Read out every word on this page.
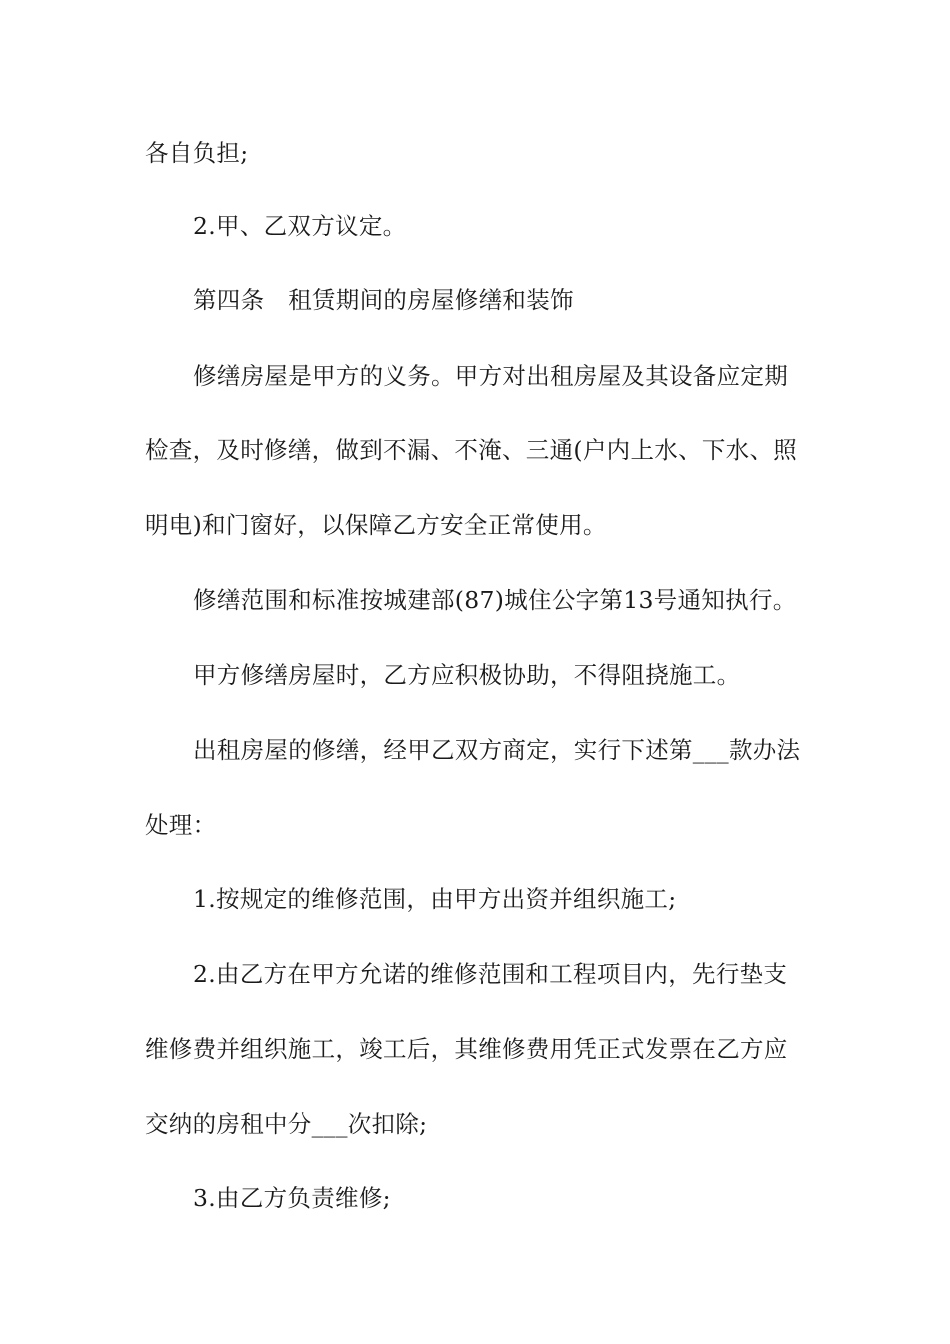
各自负担;
2.甲、乙双方议定。
第四条　租赁期间的房屋修缮和装饰
修缮房屋是甲方的义务。甲方对出租房屋及其设备应定期
检查，及时修缮，做到不漏、不淹、三通(户内上水、下水、照
明电)和门窗好，以保障乙方安全正常使用。
修缮范围和标准按城建部(87)城住公字第13号通知执行。
甲方修缮房屋时，乙方应积极协助，不得阻挠施工。
出租房屋的修缮，经甲乙双方商定，实行下述第___款办法
处理：
1.按规定的维修范围，由甲方出资并组织施工;
2.由乙方在甲方允诺的维修范围和工程项目内，先行垫支
维修费并组织施工，竣工后，其维修费用凭正式发票在乙方应
交纳的房租中分___次扣除;
3.由乙方负责维修;
